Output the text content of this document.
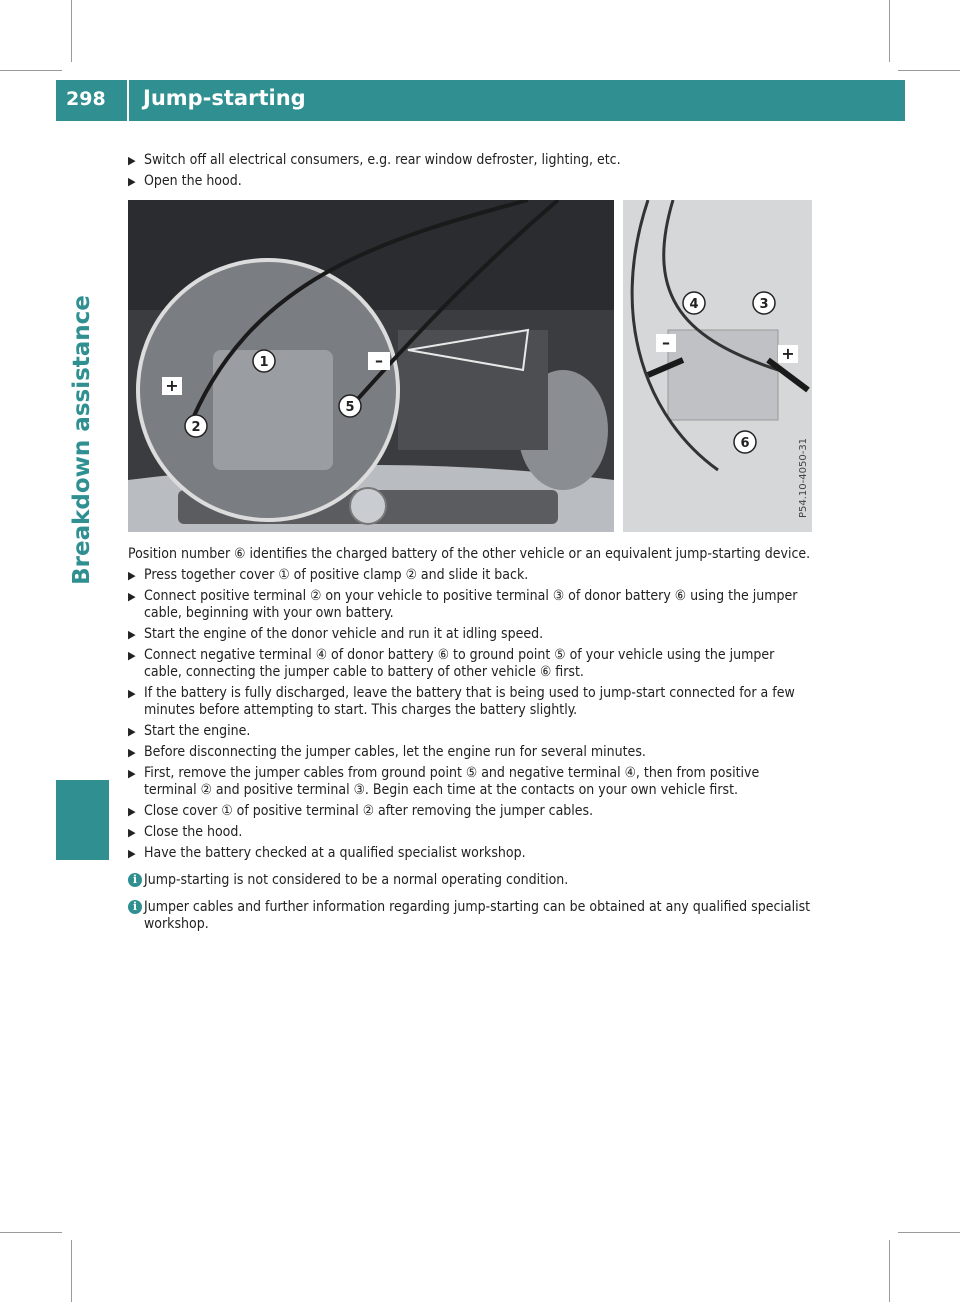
298 Jump-starting
Breakdown assistance
▶ Switch off all electrical consumers, e.g. rear window defroster, lighting, etc.
▶ Open the hood.
1
2
3
4
5
6
+
–
–
+
P54.10-4050-31

Position number ⑥ identifies the charged battery of the other vehicle or an equivalent jump-starting device.

▶ Press together cover ① of positive clamp ② and slide it back.
▶ Connect positive terminal ② on your vehicle to positive terminal ③ of donor battery ⑥ using the jumper cable, beginning with your own battery.
▶ Start the engine of the donor vehicle and run it at idling speed.
▶ Connect negative terminal ④ of donor battery ⑥ to ground point ⑤ of your vehicle using the jumper cable, connecting the jumper cable to battery of other vehicle ⑥ first.
▶ If the battery is fully discharged, leave the battery that is being used to jump-start connected for a few minutes before attempting to start. This charges the battery slightly.
▶ Start the engine.
▶ Before disconnecting the jumper cables, let the engine run for several minutes.
▶ First, remove the jumper cables from ground point ⑤ and negative terminal ④, then from positive terminal ② and positive terminal ③. Begin each time at the contacts on your own vehicle first.
▶ Close cover ① of positive terminal ② after removing the jumper cables.
▶ Close the hood.
▶ Have the battery checked at a qualified specialist workshop.
i Jump-starting is not considered to be a normal operating condition.
i Jumper cables and further information regarding jump-starting can be obtained at any qualified specialist workshop.
